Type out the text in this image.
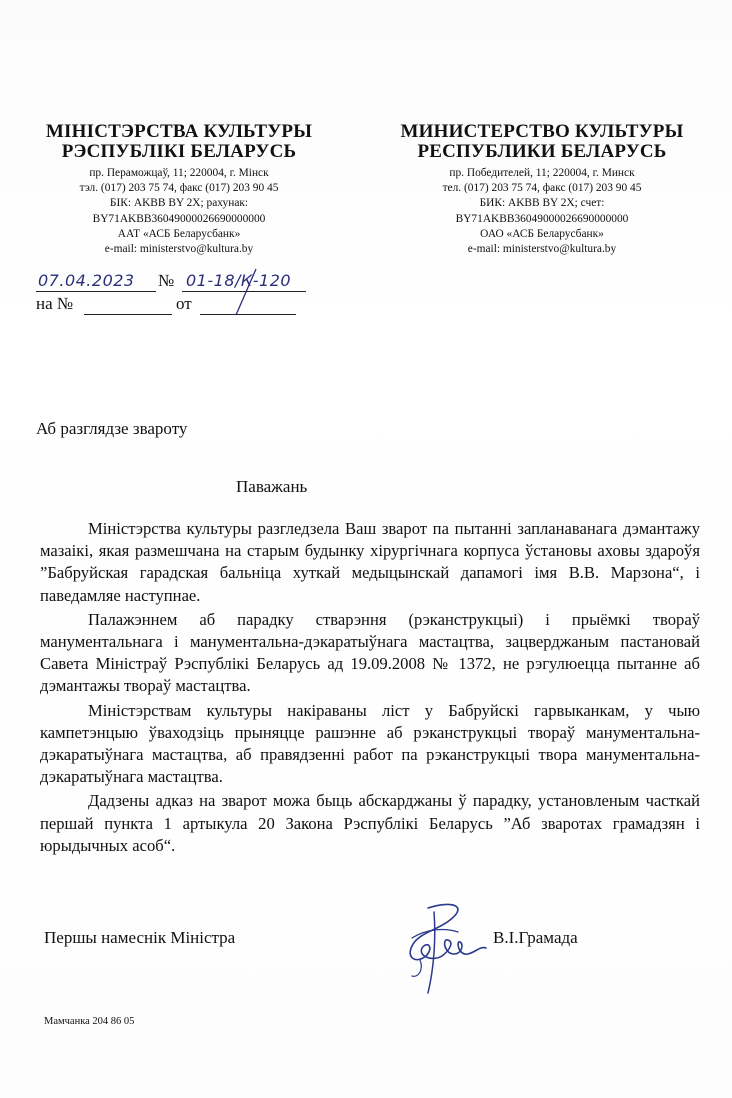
МІНІСТЭРСТВА КУЛЬТУРЫ
РЭСПУБЛІКІ БЕЛАРУСЬ
пр. Пераможцаў, 11; 220004, г. Мінск
тэл. (017) 203 75 74, факс (017) 203 90 45
БІК: AKBB BY 2X; рахунак:
BY71AKBB36049000026690000000
ААТ «АСБ Беларусбанк»
e-mail: ministerstvo@kultura.by
МИНИСТЕРСТВО КУЛЬТУРЫ
РЕСПУБЛИКИ БЕЛАРУСЬ
пр. Победителей, 11; 220004, г. Минск
тел. (017) 203 75 74, факс (017) 203 90 45
БИК: AKBB BY 2X; счет:
BY71AKBB36049000026690000000
ОАО «АСБ Беларусбанк»
e-mail: ministerstvo@kultura.by
07.04.2023 № 01-18/К-120
на №	от
Аб разглядзе звароту
Паважань

Міністэрства культуры разгледзела Ваш зварот па пытанні запланаванага дэмантажу мазаікі, якая размешчана на старым будынку хірургічнага корпуса ўстановы аховы здароўя ”Бабруйская гарадская бальніца хуткай медыцынскай дапамогі імя В.В. Марзона“, і паведамляе наступнае.

Палажэннем аб парадку стварэння (рэканструкцыі) і прыёмкі твораў манументальнага і манументальна-дэкаратыўнага мастацтва, зацверджаным пастановай Савета Міністраў Рэспублікі Беларусь ад 19.09.2008 № 1372, не рэгулюецца пытанне аб дэмантажы твораў мастацтва.

Міністэрствам культуры накіраваны ліст у Бабруйскі гарвыканкам, у чыю кампетэнцыю ўваходзіць прыняцце рашэнне аб рэканструкцыі твораў манументальна-дэкаратыўнага мастацтва, аб правядзенні работ па рэканструкцыі твора манументальна-дэкаратыўнага мастацтва.

Дадзены адказ на зварот можа быць абскарджаны ў парадку, установленым часткай першай пункта 1 артыкула 20 Закона Рэспублікі Беларусь ”Аб зваротах грамадзян і юрыдычных асоб“.

Першы намеснік Міністра	В.І.Грамада
Мамчанка 204 86 05
